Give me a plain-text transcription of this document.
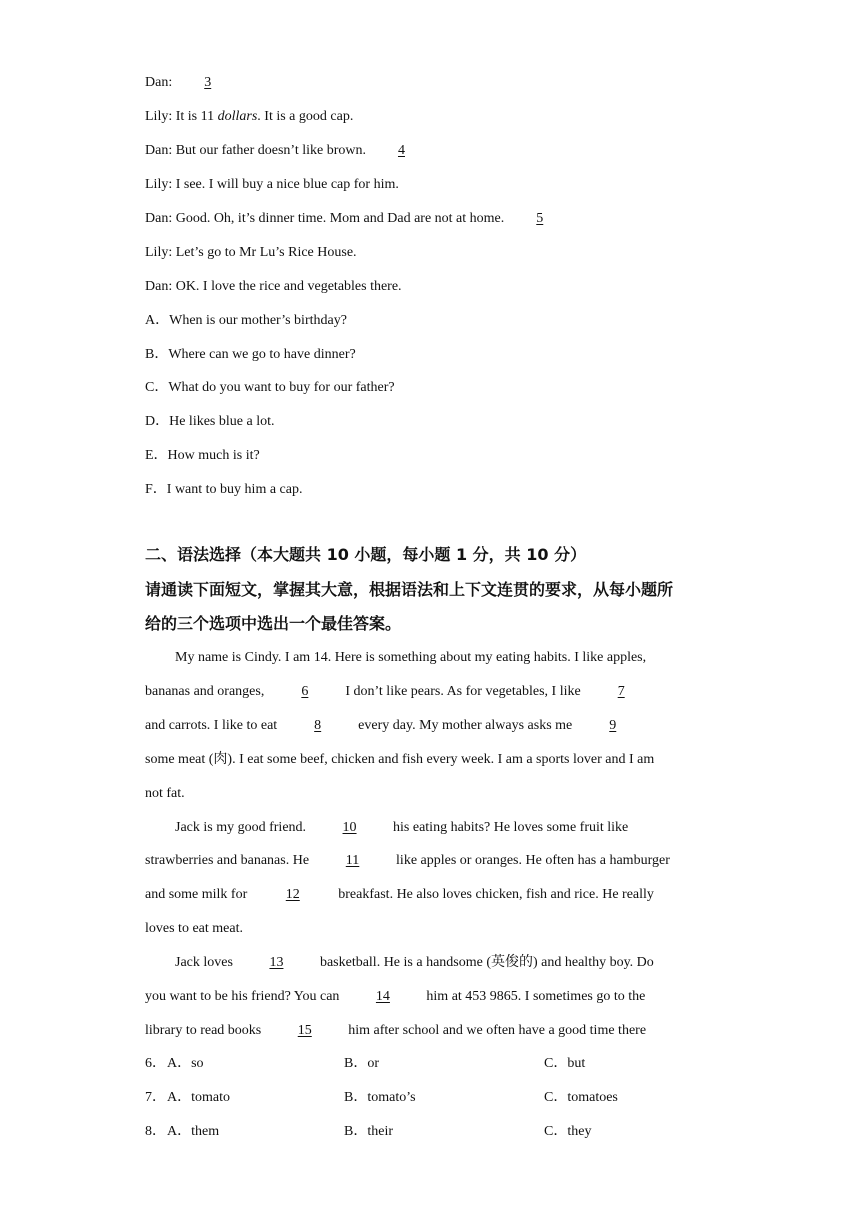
Dan: 3
Lily: It is 11 dollars. It is a good cap.
Dan: But our father doesn’t like brown. 4
Lily: I see. I will buy a nice blue cap for him.
Dan: Good. Oh, it’s dinner time. Mom and Dad are not at home. 5
Lily: Let’s go to Mr Lu’s Rice House.
Dan: OK. I love the rice and vegetables there.
A．When is our mother’s birthday?
B．Where can we go to have dinner?
C．What do you want to buy for our father?
D．He likes blue a lot.
E．How much is it?
F．I want to buy him a cap.
二、语法选择（本大题共 10 小题，每小题 1 分，共 10 分）
请通读下面短文，掌握其大意，根据语法和上下文连贯的要求，从每小题所
给的三个选项中选出一个最佳答案。
My name is Cindy. I am 14. Here is something about my eating habits. I like apples,
bananas and oranges,	6	I don’t like pears. As for vegetables, I like	7
and carrots. I like to eat	8	every day. My mother always asks me	9
some meat (肉). I eat some beef, chicken and fish every week. I am a sports lover and I am
not fat.
Jack is my good friend.	10	his eating habits? He loves some fruit like
strawberries and bananas. He	11	like apples or oranges. He often has a hamburger
and some milk for	12	breakfast. He also loves chicken, fish and rice. He really
loves to eat meat.
Jack loves	13	basketball. He is a handsome (英俊的) and healthy boy. Do
you want to be his friend? You can	14	him at 453 9865. I sometimes go to the
library to read books	15	him after school and we often have a good time there
6． A．so	B．or	C．but
7． A．tomato	B．tomato’s	C．tomatoes
8． A．them	B．their	C．they
